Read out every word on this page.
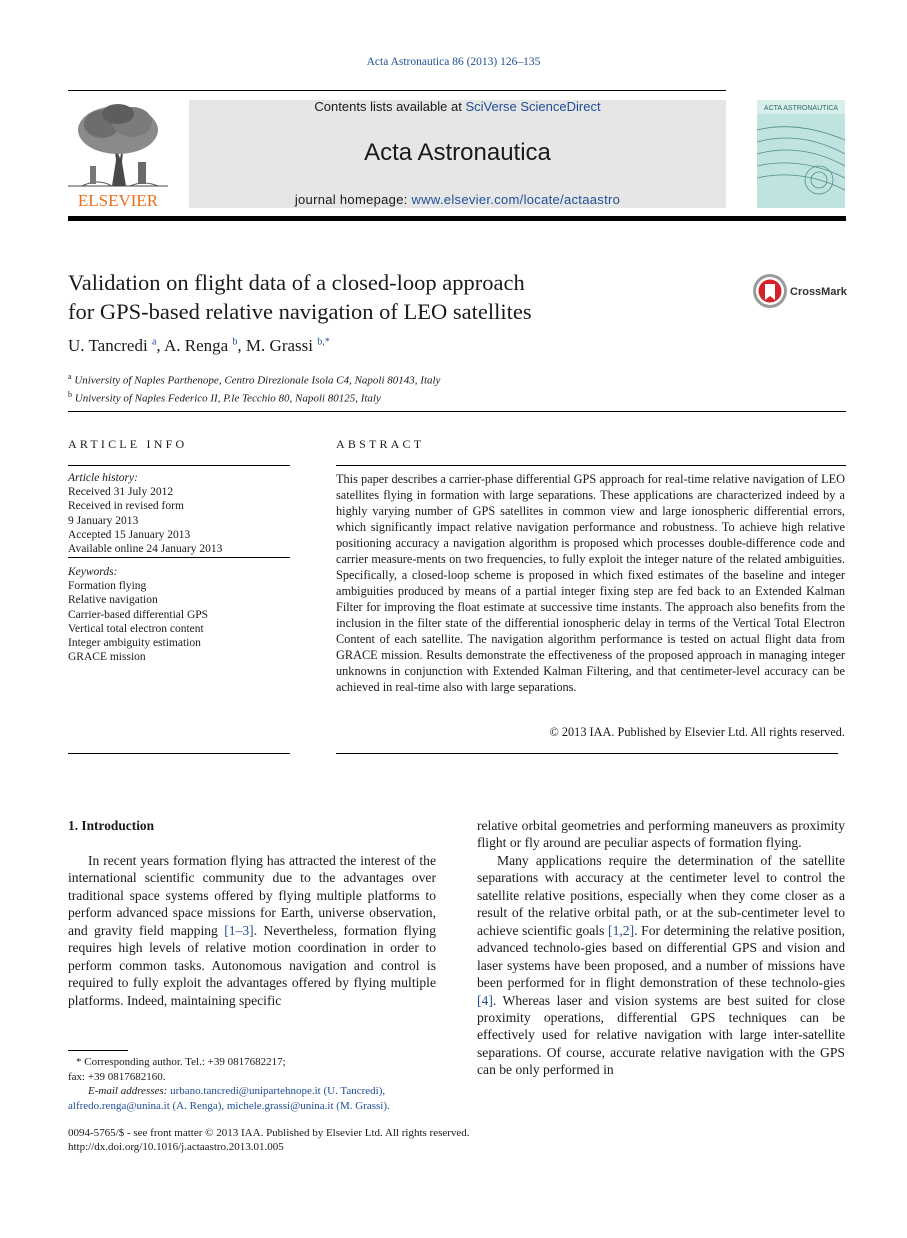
Acta Astronautica 86 (2013) 126–135
Contents lists available at SciVerse ScienceDirect
Acta Astronautica
journal homepage: www.elsevier.com/locate/actaastro
ELSEVIER
ACTA ASTRONAUTICA
Validation on flight data of a closed-loop approach
for GPS-based relative navigation of LEO satellites
CrossMark
U. Tancredi $^a$, A. Renga $^b$, M. Grassi $^{b,*}$
$^a$ University of Naples Parthenope, Centro Direzionale Isola C4, Napoli 80143, Italy
$^b$ University of Naples Federico II, P.le Tecchio 80, Napoli 80125, Italy
ARTICLE INFO
Article history:
Received 31 July 2012
Received in revised form
9 January 2013
Accepted 15 January 2013
Available online 24 January 2013
Keywords:
Formation flying
Relative navigation
Carrier-based differential GPS
Vertical total electron content
Integer ambiguity estimation
GRACE mission
ABSTRACT
This paper describes a carrier-phase differential GPS approach for real-time relative navigation of LEO satellites flying in formation with large separations. These applications are characterized indeed by a highly varying number of GPS satellites in common view and large ionospheric differential errors, which significantly impact relative navigation performance and robustness. To achieve high relative positioning accuracy a navigation algorithm is proposed which processes double-difference code and carrier measure-ments on two frequencies, to fully exploit the integer nature of the related ambiguities. Specifically, a closed-loop scheme is proposed in which fixed estimates of the baseline and integer ambiguities produced by means of a partial integer fixing step are fed back to an Extended Kalman Filter for improving the float estimate at successive time instants. The approach also benefits from the inclusion in the filter state of the differential ionospheric delay in terms of the Vertical Total Electron Content of each satellite. The navigation algorithm performance is tested on actual flight data from GRACE mission. Results demonstrate the effectiveness of the proposed approach in managing integer unknowns in conjunction with Extended Kalman Filtering, and that centimeter-level accuracy can be achieved in real-time also with large separations.
© 2013 IAA. Published by Elsevier Ltd. All rights reserved.
1. Introduction

In recent years formation flying has attracted the interest of the international scientific community due to the advantages over traditional space systems offered by flying multiple platforms to perform advanced space missions for Earth, universe observation, and gravity field mapping [1–3]. Nevertheless, formation flying requires high levels of relative motion coordination in order to perform common tasks. Autonomous navigation and control is required to fully exploit the advantages offered by flying multiple platforms. Indeed, maintaining specific

relative orbital geometries and performing maneuvers as proximity flight or fly around are peculiar aspects of formation flying.

Many applications require the determination of the satellite separations with accuracy at the centimeter level to control the satellite relative positions, especially when they come closer as a result of the relative orbital path, or at the sub-centimeter level to achieve scientific goals [1,2]. For determining the relative position, advanced technolo-gies based on differential GPS and vision and laser systems have been proposed, and a number of missions have been performed for in flight demonstration of these technolo-gies [4]. Whereas laser and vision systems are best suited for close proximity operations, differential GPS techniques can be effectively used for relative navigation with large inter-satellite separations. Of course, accurate relative navigation with the GPS can be only performed in

* Corresponding author. Tel.: +39 0817682217;
fax: +39 0817682160.
E-mail addresses: urbano.tancredi@unipartehnope.it (U. Tancredi),
alfredo.renga@unina.it (A. Renga), michele.grassi@unina.it (M. Grassi).
0094-5765/$ - see front matter © 2013 IAA. Published by Elsevier Ltd. All rights reserved.
http://dx.doi.org/10.1016/j.actaastro.2013.01.005
